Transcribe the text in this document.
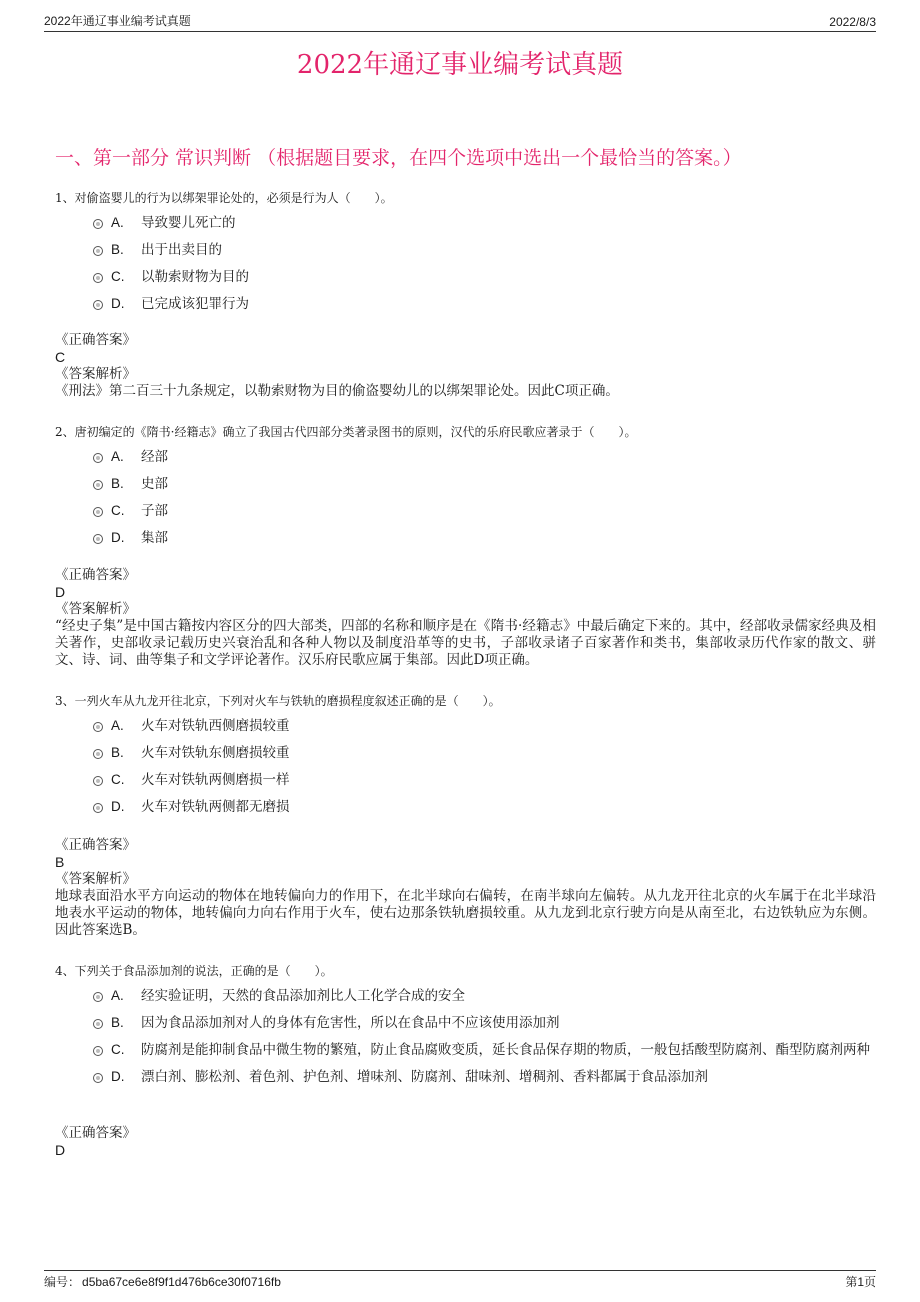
2022年通辽事业编考试真题	2022/8/3
2022年通辽事业编考试真题
一、第一部分 常识判断 （根据题目要求，在四个选项中选出一个最恰当的答案。）

1、对偷盗婴儿的行为以绑架罪论处的，必须是行为人（　　）。

A.	导致婴儿死亡的
B.	出于出卖目的
C.	以勒索财物为目的
D.	已完成该犯罪行为

《正确答案》

C

《答案解析》

《刑法》第二百三十九条规定，以勒索财物为目的偷盗婴幼儿的以绑架罪论处。因此C项正确。

2、唐初编定的《隋书·经籍志》确立了我国古代四部分类著录图书的原则，汉代的乐府民歌应著录于（　　）。

A.	经部
B.	史部
C.	子部
D.	集部

《正确答案》

D

《答案解析》

“经史子集”是中国古籍按内容区分的四大部类，四部的名称和顺序是在《隋书·经籍志》中最后确定下来的。其中，经部收录儒家经典及相关著作，史部收录记载历史兴衰治乱和各种人物以及制度沿革等的史书，子部收录诸子百家著作和类书，集部收录历代作家的散文、骈文、诗、词、曲等集子和文学评论著作。汉乐府民歌应属于集部。因此D项正确。

3、一列火车从九龙开往北京，下列对火车与铁轨的磨损程度叙述正确的是（　　）。

A.	火车对铁轨西侧磨损较重
B.	火车对铁轨东侧磨损较重
C.	火车对铁轨两侧磨损一样
D.	火车对铁轨两侧都无磨损

《正确答案》

B

《答案解析》

地球表面沿水平方向运动的物体在地转偏向力的作用下，在北半球向右偏转，在南半球向左偏转。从九龙开往北京的火车属于在北半球沿地表水平运动的物体，地转偏向力向右作用于火车，使右边那条铁轨磨损较重。从九龙到北京行驶方向是从南至北，右边铁轨应为东侧。因此答案选B。

4、下列关于食品添加剂的说法，正确的是（　　）。

A.	经实验证明，天然的食品添加剂比人工化学合成的安全
B.	因为食品添加剂对人的身体有危害性，所以在食品中不应该使用添加剂
C.	防腐剂是能抑制食品中微生物的繁殖，防止食品腐败变质，延长食品保存期的物质，一般包括酸型防腐剂、酯型防腐剂两种
D.	漂白剂、膨松剂、着色剂、护色剂、增味剂、防腐剂、甜味剂、增稠剂、香料都属于食品添加剂

《正确答案》

D

编号： d5ba67ce6e8f9f1d476b6ce30f0716fb	第1页
